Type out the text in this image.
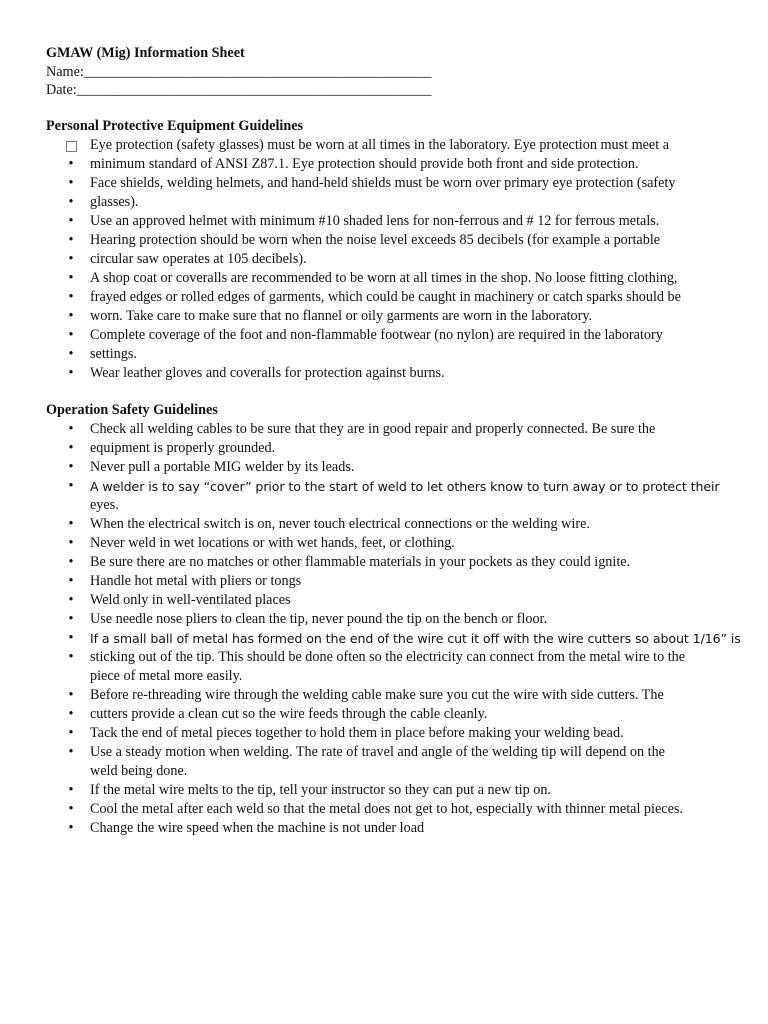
GMAW (Mig) Information Sheet
Name:_________________________________________________
Date:__________________________________________________
Personal Protective Equipment Guidelines
Eye protection (safety glasses) must be worn at all times in the laboratory. Eye protection must meet a
•	minimum standard of ANSI Z87.1. Eye protection should provide both front and side protection.
•	Face shields, welding helmets, and hand-held shields must be worn over primary eye protection (safety
•	glasses).
•	Use an approved helmet with minimum #10 shaded lens for non-ferrous and # 12 for ferrous metals.
•	Hearing protection should be worn when the noise level exceeds 85 decibels (for example a portable
•	circular saw operates at 105 decibels).
•	A shop coat or coveralls are recommended to be worn at all times in the shop. No loose fitting clothing,
•	frayed edges or rolled edges of garments, which could be caught in machinery or catch sparks should be
•	worn. Take care to make sure that no flannel or oily garments are worn in the laboratory.
•	Complete coverage of the foot and non-flammable footwear (no nylon) are required in the laboratory
•	settings.
•	Wear leather gloves and coveralls for protection against burns.
Operation Safety Guidelines
•	Check all welding cables to be sure that they are in good repair and properly connected. Be sure the
•	equipment is properly grounded.
•	Never pull a portable MIG welder by its leads.
•	A welder is to say “cover” prior to the start of weld to let others know to turn away or to protect their
eyes.
•	When the electrical switch is on, never touch electrical connections or the welding wire.
•	Never weld in wet locations or with wet hands, feet, or clothing.
•	Be sure there are no matches or other flammable materials in your pockets as they could ignite.
•	Handle hot metal with pliers or tongs
•	Weld only in well-ventilated places
•	Use needle nose pliers to clean the tip, never pound the tip on the bench or floor.
•	If a small ball of metal has formed on the end of the wire cut it off with the wire cutters so about 1/16” is
•	sticking out of the tip. This should be done often so the electricity can connect from the metal wire to the
piece of metal more easily.
•	Before re-threading wire through the welding cable make sure you cut the wire with side cutters. The
•	cutters provide a clean cut so the wire feeds through the cable cleanly.
•	Tack the end of metal pieces together to hold them in place before making your welding bead.
•	Use a steady motion when welding. The rate of travel and angle of the welding tip will depend on the
weld being done.
•	If the metal wire melts to the tip, tell your instructor so they can put a new tip on.
•	Cool the metal after each weld so that the metal does not get to hot, especially with thinner metal pieces.
•	Change the wire speed when the machine is not under load
